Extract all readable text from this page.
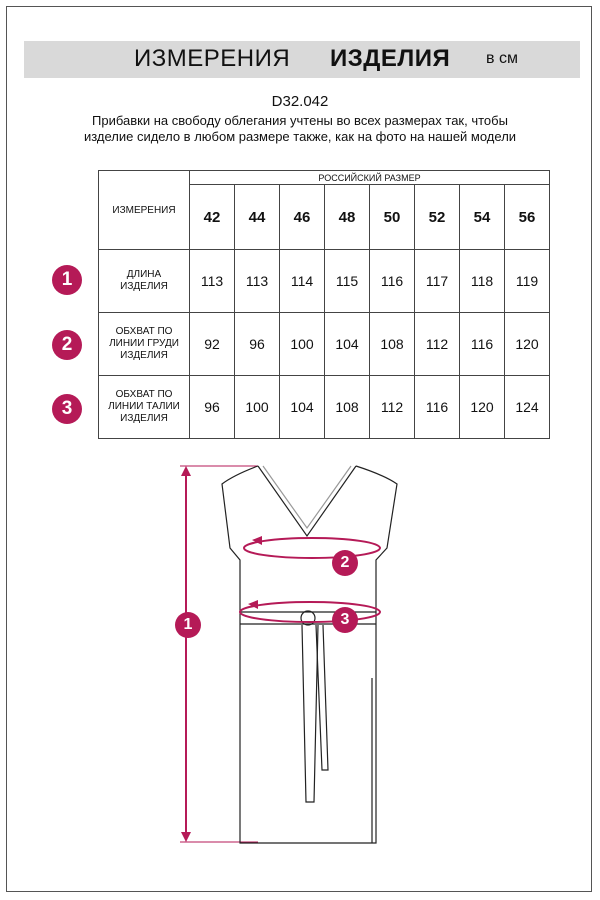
ИЗМЕРЕНИЯ ИЗДЕЛИЯ в см
D32.042
Прибавки на свободу облегания учтены во всех размерах так, чтобы изделие сидело в любом размере также, как на фото на нашей модели
ИЗМЕРЕНИЯ	РОССИЙСКИЙ РАЗМЕР							
	42	44	46	48	50	52	54	56

ДЛИНА
ИЗДЕЛИЯ	113	113	114	115	116	117	118	119

ОБХВАТ ПО
ЛИНИИ ГРУДИ
ИЗДЕЛИЯ	92	96	100	104	108	112	116	120

ОБХВАТ ПО
ЛИНИИ ТАЛИИ
ИЗДЕЛИЯ	96	100	104	108	112	116	120	124
1
2
3
1
2
3
